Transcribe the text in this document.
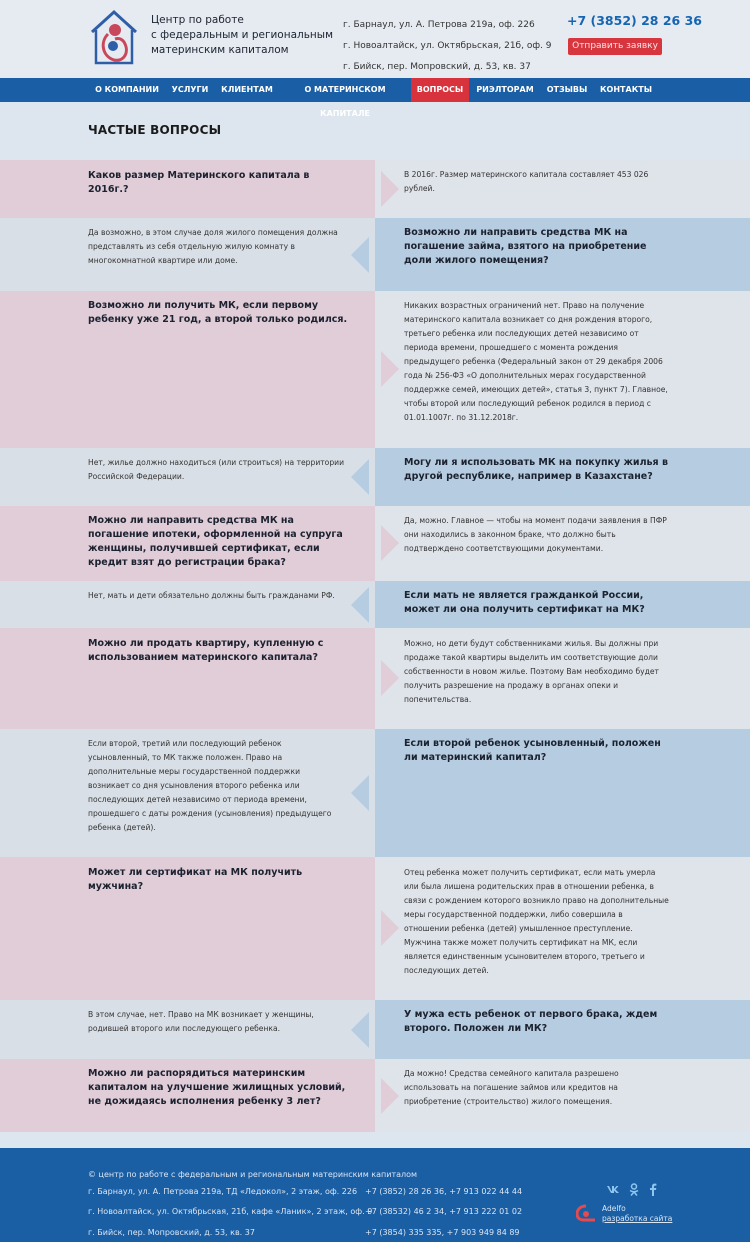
Центр по работе
с федеральным и региональным
материнским капиталом
г. Барнаул, ул. А. Петрова 219а, оф. 226
г. Новоалтайск, ул. Октябрьская, 21б, оф. 9
г. Бийск, пер. Мопровский, д. 53, кв. 37
+7 (3852) 28 26 36
Отправить заявку
О КОМПАНИИ	УСЛУГИ	КЛИЕНТАМ	О МАТЕРИНСКОМ КАПИТАЛЕ
ВОПРОСЫ	РИЭЛТОРАМ	ОТЗЫВЫ	КОНТАКТЫ
ЧАСТЫЕ ВОПРОСЫ
Каков размер Материнского капитала в 2016г.?
В 2016г. Размер материнского капитала составляет 453 026 рублей.
Да возможно, в этом случае доля жилого помещения должна представлять из себя отдельную жилую комнату в многокомнатной квартире или доме.
Возможно ли направить средства МК на погашение займа, взятого на приобретение доли жилого помещения?
Возможно ли получить МК, если первому ребенку уже 21 год, а второй только родился.
Никаких возрастных ограничений нет. Право на получение материнского капитала возникает со дня рождения второго, третьего ребенка или последующих детей независимо от периода времени, прошедшего с момента рождения предыдущего ребенка (Федеральный закон от 29 декабря 2006 года № 256-ФЗ «О дополнительных мерах государственной поддержке семей, имеющих детей», статья 3, пункт 7). Главное, чтобы второй или последующий ребенок родился в период с 01.01.1007г. по 31.12.2018г.
Нет, жилье должно находиться (или строиться) на территории Российской Федерации.
Могу ли я использовать МК на покупку жилья в другой республике, например в Казахстане?
Можно ли направить средства МК на погашение ипотеки, оформленной на супруга женщины, получившей сертификат, если кредит взят до регистрации брака?
Да, можно. Главное — чтобы на момент подачи заявления в ПФР они находились в законном браке, что должно быть подтверждено соответствующими документами.
Нет, мать и дети обязательно должны быть гражданами РФ.	Если мать не является гражданкой России, может ли она получить сертификат на МК?
Можно ли продать квартиру, купленную с использованием материнского капитала?
Можно, но дети будут собственниками жилья. Вы должны при продаже такой квартиры выделить им соответствующие доли собственности в новом жилье. Поэтому Вам необходимо будет получить разрешение на продажу в органах опеки и попечительства.
Если второй, третий или последующий ребенок усыновленный, то МК также положен. Право на дополнительные меры государственной поддержки возникает со дня усыновления второго ребенка или последующих детей независимо от периода времени, прошедшего с даты рождения (усыновления) предыдущего ребенка (детей).
Если второй ребенок усыновленный, положен ли материнский капитал?
Может ли сертификат на МК получить мужчина?
Отец ребенка может получить сертификат, если мать умерла или была лишена родительских прав в отношении ребенка, в связи с рождением которого возникло право на дополнительные меры государственной поддержки, либо совершила в отношении ребенка (детей) умышленное преступление. Мужчина также может получить сертификат на МК, если является единственным усыновителем второго, третьего и последующих детей.
В этом случае, нет. Право на МК возникает у женщины, родившей второго или последующего ребенка.
У мужа есть ребенок от первого брака, ждем второго. Положен ли МК?
Можно ли распорядиться материнским капиталом на улучшение жилищных условий, не дожидаясь исполнения ребенку 3 лет?
Да можно! Средства семейного капитала разрешено использовать на погашение займов или кредитов на приобретение (строительство) жилого помещения.
© центр по работе с федеральным и региональным материнским капиталом
г. Барнаул, ул. А. Петрова 219а, ТД «Ледокол», 2 этаж, оф. 226
г. Новоалтайск, ул. Октябрьская, 21б, кафе «Ланик», 2 этаж, оф. 9
г. Бийск, пер. Мопровский, д. 53, кв. 37
+7 (3852) 28 26 36, +7 913 022 44 44
+7 (38532) 46 2 34, +7 913 222 01 02
+7 (3854) 335 335, +7 903 949 84 89
Adelfo
разработка сайта
